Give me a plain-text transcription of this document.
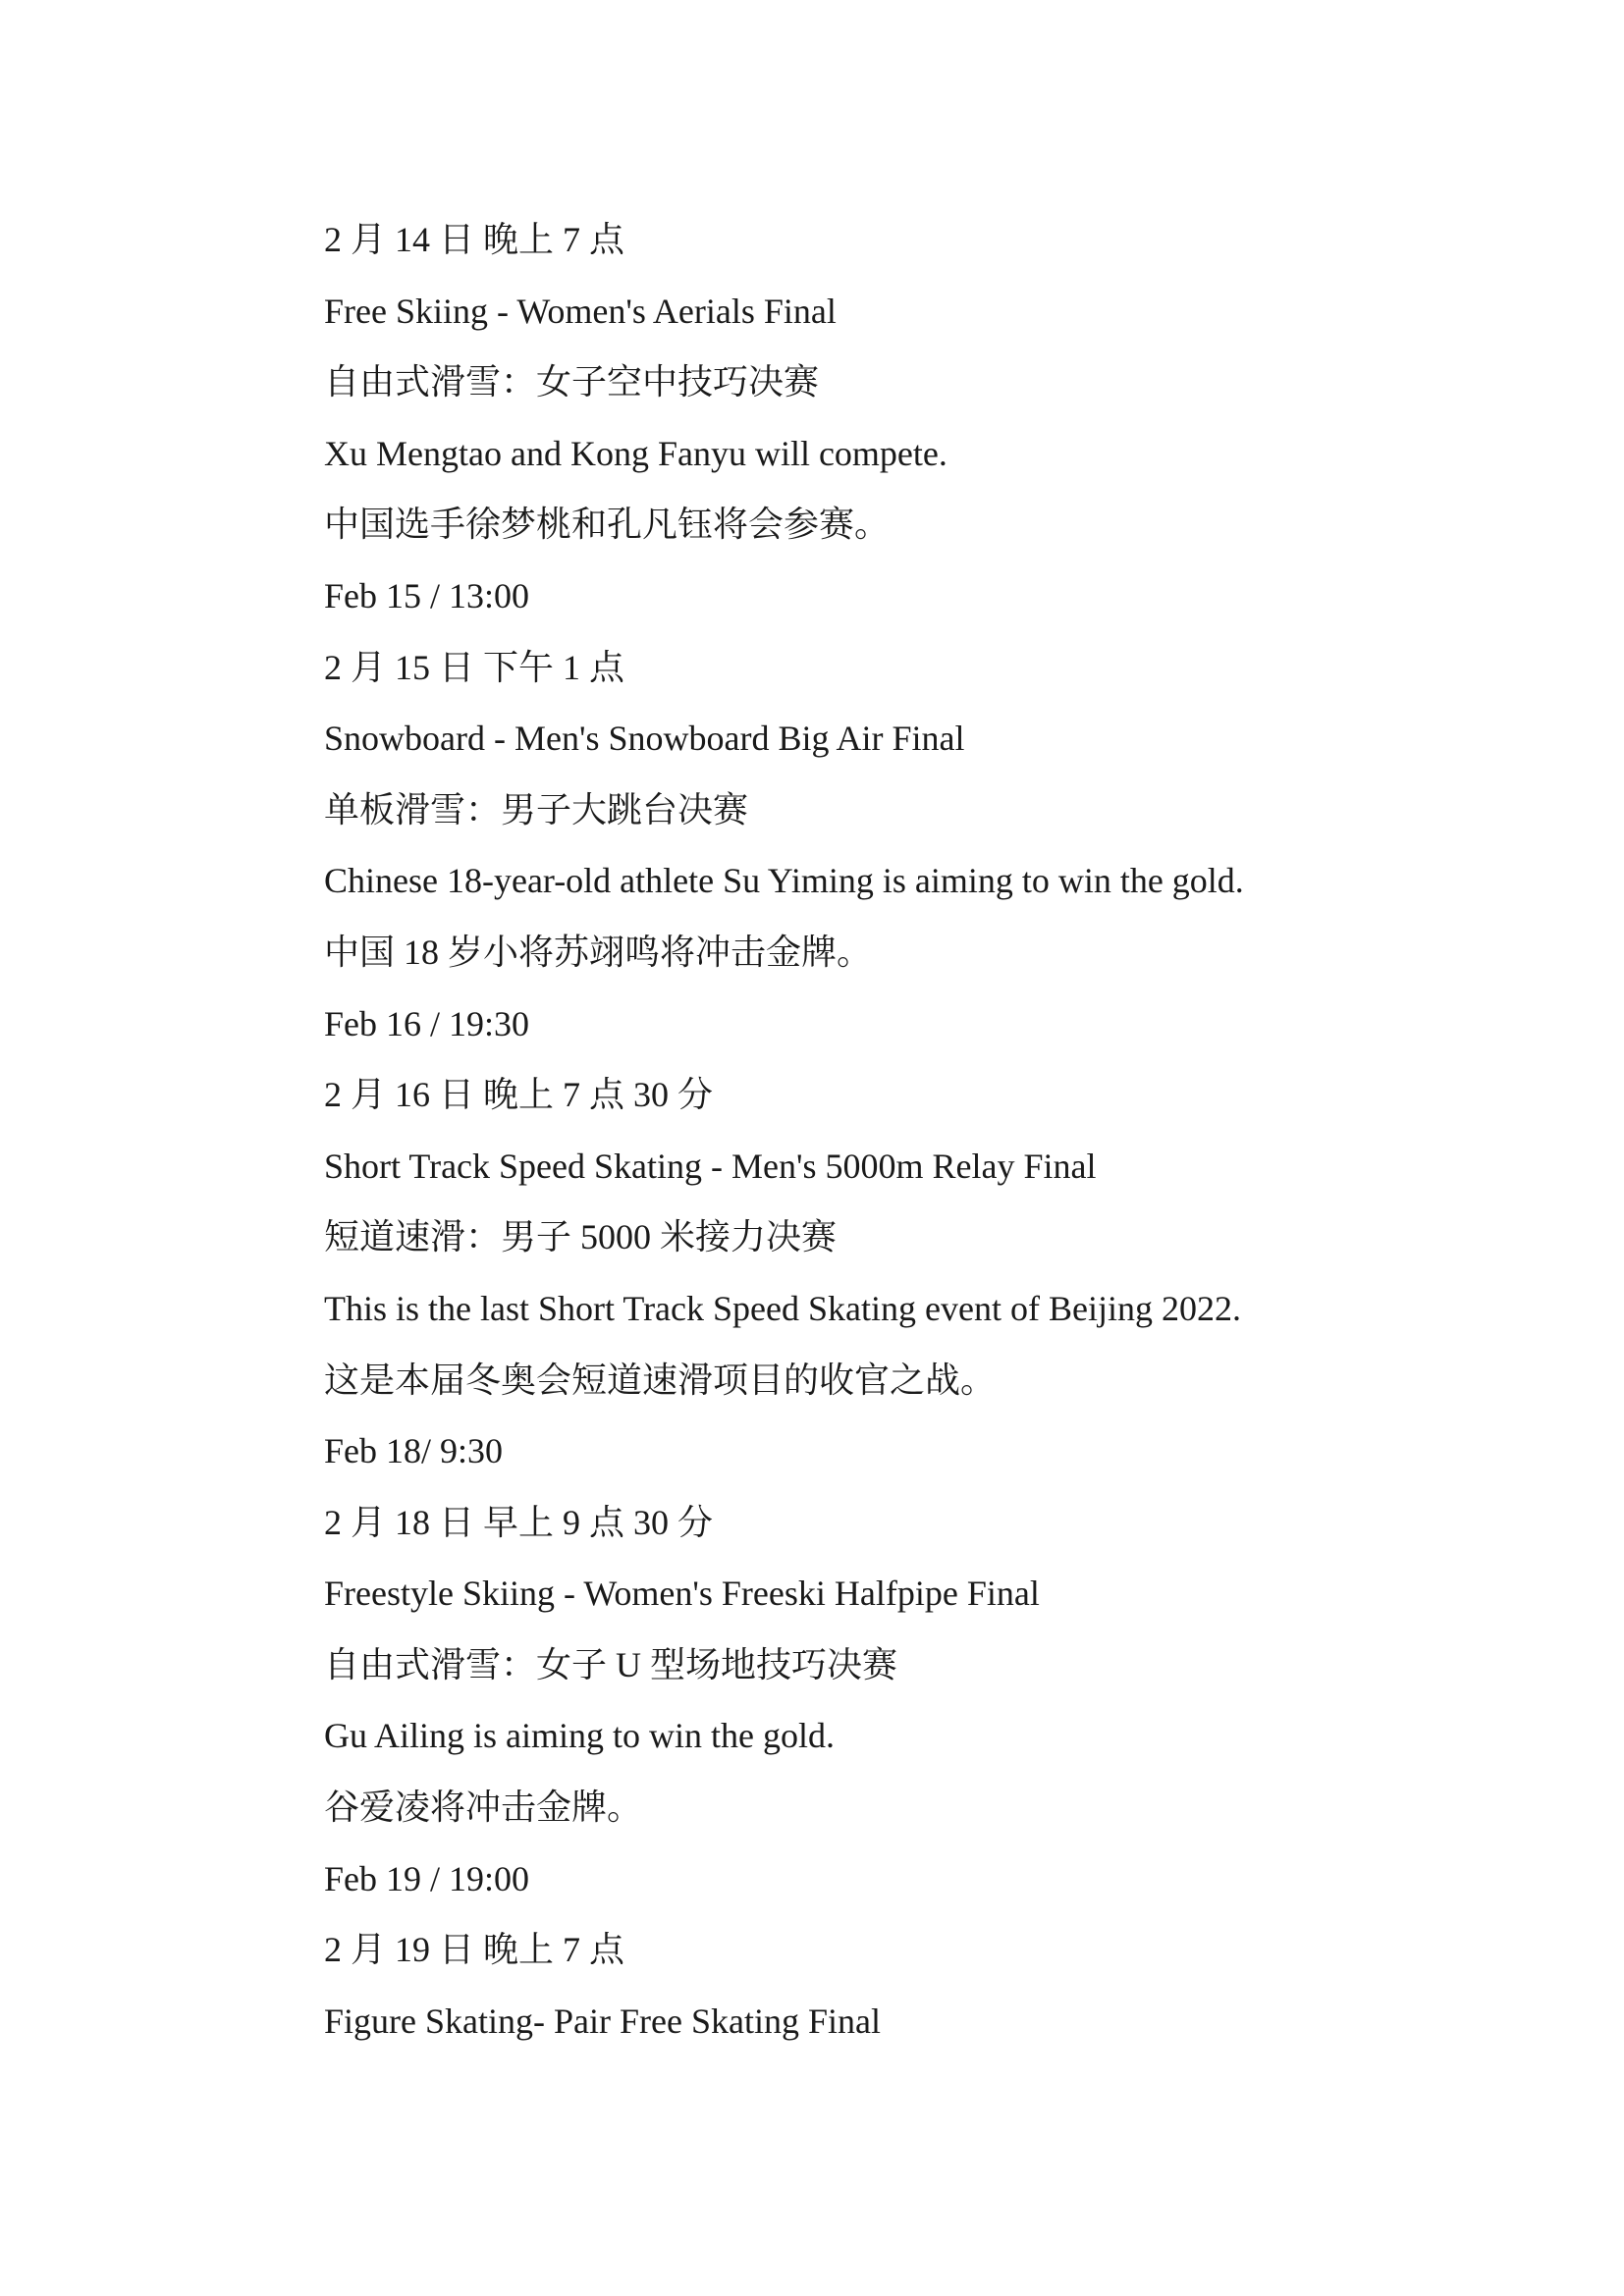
2 月 14 日 晚上 7 点
Free Skiing - Women's Aerials Final
自由式滑雪：女子空中技巧决赛
Xu Mengtao and Kong Fanyu will compete.
中国选手徐梦桃和孔凡钰将会参赛。
Feb 15 / 13:00
2 月 15 日 下午 1 点
Snowboard - Men's Snowboard Big Air Final
单板滑雪：男子大跳台决赛
Chinese 18-year-old athlete Su Yiming is aiming to win the gold.
中国 18 岁小将苏翊鸣将冲击金牌。
Feb 16 / 19:30
2 月 16 日 晚上 7 点 30 分
Short Track Speed Skating - Men's 5000m Relay Final
短道速滑：男子 5000 米接力决赛
This is the last Short Track Speed Skating event of Beijing 2022.
这是本届冬奥会短道速滑项目的收官之战。
Feb 18/ 9:30
2 月 18 日 早上 9 点 30 分
Freestyle Skiing - Women's Freeski Halfpipe Final
自由式滑雪：女子 U 型场地技巧决赛
Gu Ailing is aiming to win the gold.
谷爱凌将冲击金牌。
Feb 19 / 19:00
2 月 19 日 晚上 7 点
Figure Skating- Pair Free Skating Final
